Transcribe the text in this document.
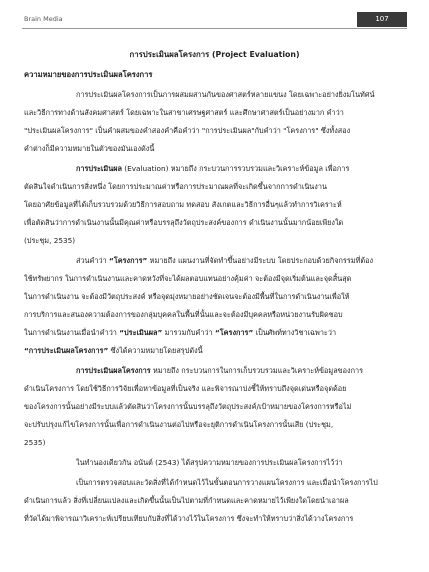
Brain Media	107
การประเมินผลโครงการ (Project Evaluation)
ความหมายของการประเมินผลโครงการ
การประเมินผลโครงการเป็นการผสมผสานกันของศาสตร์หลายแขนง โดยเฉพาะอย่างยิ่งมโนทัศน์
และวิธีการทางด้านสังคมศาสตร์ โดยเฉพาะในสาขาเศรษฐศาสตร์ และศึกษาศาสตร์เป็นอย่างมาก คำว่า
"ประเมินผลโครงการ" เป็นคำผสมของคำสองคำคือคำว่า "การประเมินผล"กับคำว่า "โครงการ" ซึ่งทั้งสอง
คำต่างก็มีความหมายในตัวของมันเองดังนี้
การประเมินผล (Evaluation) หมายถึง กระบวนการรวบรวมและวิเคราะห์ข้อมูล เพื่อการ
ตัดสินใจดำเนินการสิ่งหนึ่ง โดยการประมาณค่าหรือการประมาณผลที่จะเกิดขึ้นจากการดำเนินงาน
โดยอาศัยข้อมูลที่ได้เก็บรวบรวมด้วยวิธีการสอบถาม ทดสอบ สังเกตและวิธีการอื่นๆแล้วทำการวิเคราะห์
เพื่อตัดสินว่าการดำเนินงานนั้นมีคุณค่าหรือบรรลุถึงวัตถุประสงค์ของการ ดำเนินงานนั้นมากน้อยเพียงใด
(ประชุม, 2535)
ส่วนคำว่า “โครงการ” หมายถึง แผนงานที่จัดทำขึ้นอย่างมีระบบ โดยประกอบด้วยกิจกรรมที่ต้อง
ใช้ทรัพยากร ในการดำเนินงานและคาดหวังที่จะได้ผลตอบแทนอย่างคุ้มค่า จะต้องมีจุดเริ่มต้นและจุดสิ้นสุด
ในการดำเนินงาน จะต้องมีวัตถุประสงค์ หรือจุดมุ่งหมายอย่างชัดเจนจะต้องมีพื้นที่ในการดำเนินงานเพื่อให้
การบริการและสนองความต้องการของกลุ่มบุคคลในพื้นที่นั้นและจะต้องมีบุคคลหรือหน่วยงานรับผิดชอบ
ในการดำเนินงานเมื่อนำคำว่า “ประเมินผล” มารวมกับคำว่า “โครงการ” เป็นศัพท์ทางวิชาเฉพาะว่า
“การประเมินผลโครงการ” ซึ่งได้ความหมายโดยสรุปดังนี้
การประเมินผลโครงการ หมายถึง กระบวนการในการเก็บรวบรวมและวิเคราะห์ข้อมูลของการ
ดำเนินโครงการ โดยใช้วิธีการวิจัยเพื่อหาข้อมูลที่เป็นจริง และพิจารณาบ่งชี้ให้ทราบถึงจุดเด่นหรือจุดด้อย
ของโครงการนั้นอย่างมีระบบแล้วตัดสินว่าโครงการนั้นบรรลุถึงวัตถุประสงค์/เป้าหมายของโครงการหรือไม่
จะปรับปรุงแก้ไขโครงการนั้นเพื่อการดำเนินงานต่อไปหรือจะยุติการดำเนินโครงการนั้นเสีย (ประชุม,
2535)
ในทำนองเดียวกัน อนันต์ (2543) ได้สรุปความหมายของการประเมินผลโครงการไว้ว่า
เป็นการตรวจสอบและวัดสิ่งที่ได้กำหนดไว้ในขั้นตอนการวางแผนโครงการ และเมื่อนำโครงการไป
ดำเนินการแล้ว สิ่งที่เปลี่ยนแปลงและเกิดขึ้นนั้นเป็นไปตามที่กำหนดและคาดหมายไว้เพียงใดโดยนำเอาผล
ที่วัดได้มาพิจารณาวิเคราะห์เปรียบเทียบกับสิ่งที่ได้วางไว้ในโครงการ ซึ่งจะทำให้ทราบว่าสิ่งได้วางโครงการ
